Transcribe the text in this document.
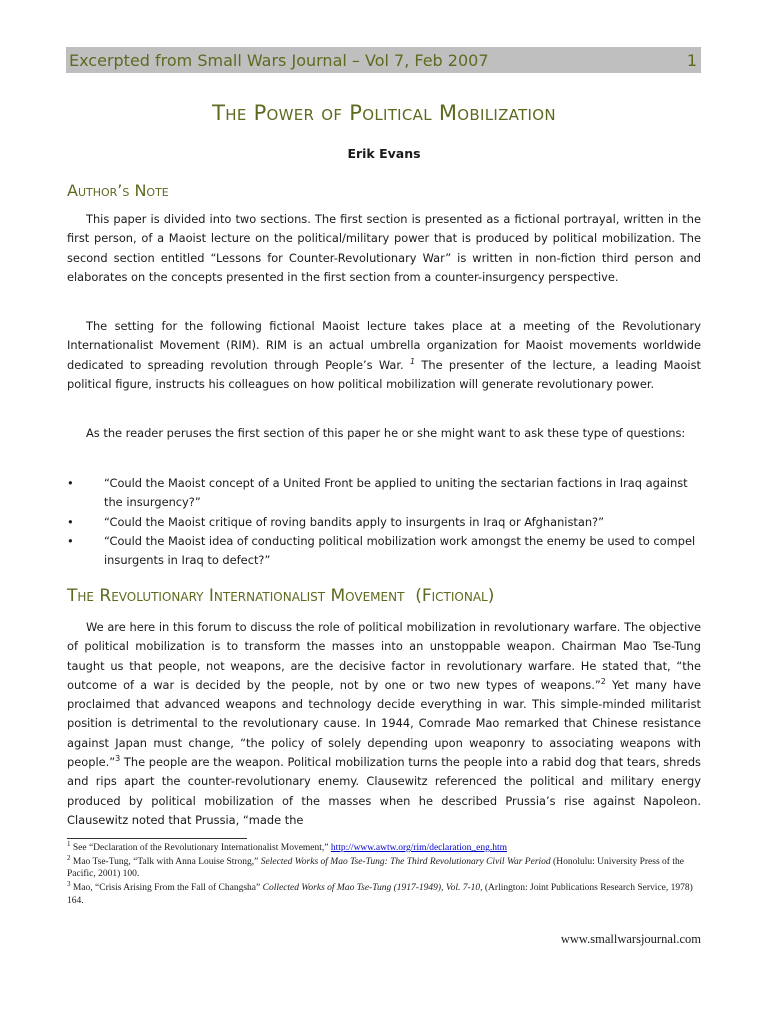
Excerpted from Small Wars Journal – Vol 7, Feb 2007	1
The Power of Political Mobilization
Erik Evans
Author’s Note

This paper is divided into two sections. The first section is presented as a fictional portrayal, written in the first person, of a Maoist lecture on the political/military power that is produced by political mobilization. The second section entitled “Lessons for Counter-Revolutionary War” is written in non-fiction third person and elaborates on the concepts presented in the first section from a counter-insurgency perspective.

The setting for the following fictional Maoist lecture takes place at a meeting of the Revolutionary Internationalist Movement (RIM). RIM is an actual umbrella organization for Maoist movements worldwide dedicated to spreading revolution through People’s War. $^1$ The presenter of the lecture, a leading Maoist political figure, instructs his colleagues on how political mobilization will generate revolutionary power.

As the reader peruses the first section of this paper he or she might want to ask these type of questions:

•	“Could the Maoist concept of a United Front be applied to uniting the sectarian factions in Iraq against the insurgency?”
•	“Could the Maoist critique of roving bandits apply to insurgents in Iraq or Afghanistan?”
•	“Could the Maoist idea of conducting political mobilization work amongst the enemy be used to compel insurgents in Iraq to defect?”
The Revolutionary Internationalist Movement  (Fictional)

We are here in this forum to discuss the role of political mobilization in revolutionary warfare. The objective of political mobilization is to transform the masses into an unstoppable weapon. Chairman Mao Tse-Tung taught us that people, not weapons, are the decisive factor in revolutionary warfare. He stated that, “the outcome of a war is decided by the people, not by one or two new types of weapons.”$^2$ Yet many have proclaimed that advanced weapons and technology decide everything in war. This simple-minded militarist position is detrimental to the revolutionary cause. In 1944, Comrade Mao remarked that Chinese resistance against Japan must change, “the policy of solely depending upon weaponry to associating weapons with people.”$^3$ The people are the weapon. Political mobilization turns the people into a rabid dog that tears, shreds and rips apart the counter-revolutionary enemy. Clausewitz referenced the political and military energy produced by political mobilization of the masses when he described Prussia’s rise against Napoleon. Clausewitz noted that Prussia, “made the

$^1$ See “Declaration of the Revolutionary Internationalist Movement,” http://www.awtw.org/rim/declaration_eng.htm

$^2$ Mao Tse-Tung, “Talk with Anna Louise Strong,” Selected Works of Mao Tse-Tung: The Third Revolutionary Civil War Period (Honolulu: University Press of the Pacific, 2001) 100.

$^3$ Mao, “Crisis Arising From the Fall of Changsha” Collected Works of Mao Tse-Tung (1917-1949), Vol. 7-10, (Arlington: Joint Publications Research Service, 1978) 164.

www.smallwarsjournal.com
